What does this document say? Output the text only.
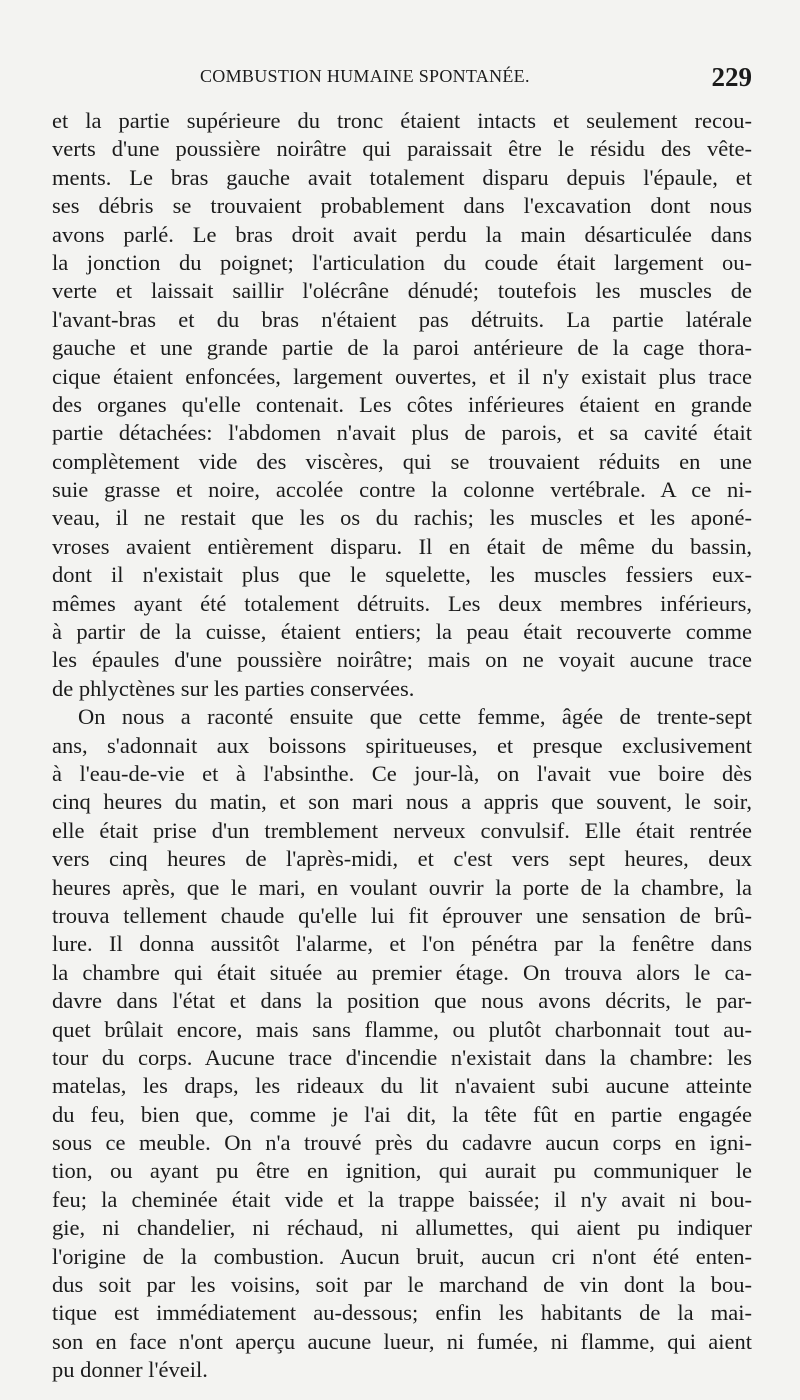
COMBUSTION HUMAINE SPONTANÉE.	229
et la partie supérieure du tronc étaient intacts et seulement recou-
verts d'une poussière noirâtre qui paraissait être le résidu des vête-
ments. Le bras gauche avait totalement disparu depuis l'épaule, et
ses débris se trouvaient probablement dans l'excavation dont nous
avons parlé. Le bras droit avait perdu la main désarticulée dans
la jonction du poignet; l'articulation du coude était largement ou-
verte et laissait saillir l'olécrâne dénudé; toutefois les muscles de
l'avant-bras et du bras n'étaient pas détruits. La partie latérale
gauche et une grande partie de la paroi antérieure de la cage thora-
cique étaient enfoncées, largement ouvertes, et il n'y existait plus trace
des organes qu'elle contenait. Les côtes inférieures étaient en grande
partie détachées: l'abdomen n'avait plus de parois, et sa cavité était
complètement vide des viscères, qui se trouvaient réduits en une
suie grasse et noire, accolée contre la colonne vertébrale. A ce ni-
veau, il ne restait que les os du rachis; les muscles et les aponé-
vroses avaient entièrement disparu. Il en était de même du bassin,
dont il n'existait plus que le squelette, les muscles fessiers eux-
mêmes ayant été totalement détruits. Les deux membres inférieurs,
à partir de la cuisse, étaient entiers; la peau était recouverte comme
les épaules d'une poussière noirâtre; mais on ne voyait aucune trace
de phlyctènes sur les parties conservées.
On nous a raconté ensuite que cette femme, âgée de trente-sept
ans, s'adonnait aux boissons spiritueuses, et presque exclusivement
à l'eau-de-vie et à l'absinthe. Ce jour-là, on l'avait vue boire dès
cinq heures du matin, et son mari nous a appris que souvent, le soir,
elle était prise d'un tremblement nerveux convulsif. Elle était rentrée
vers cinq heures de l'après-midi, et c'est vers sept heures, deux
heures après, que le mari, en voulant ouvrir la porte de la chambre, la
trouva tellement chaude qu'elle lui fit éprouver une sensation de brû-
lure. Il donna aussitôt l'alarme, et l'on pénétra par la fenêtre dans
la chambre qui était située au premier étage. On trouva alors le ca-
davre dans l'état et dans la position que nous avons décrits, le par-
quet brûlait encore, mais sans flamme, ou plutôt charbonnait tout au-
tour du corps. Aucune trace d'incendie n'existait dans la chambre: les
matelas, les draps, les rideaux du lit n'avaient subi aucune atteinte
du feu, bien que, comme je l'ai dit, la tête fût en partie engagée
sous ce meuble. On n'a trouvé près du cadavre aucun corps en igni-
tion, ou ayant pu être en ignition, qui aurait pu communiquer le
feu; la cheminée était vide et la trappe baissée; il n'y avait ni bou-
gie, ni chandelier, ni réchaud, ni allumettes, qui aient pu indiquer
l'origine de la combustion. Aucun bruit, aucun cri n'ont été enten-
dus soit par les voisins, soit par le marchand de vin dont la bou-
tique est immédiatement au-dessous; enfin les habitants de la mai-
son en face n'ont aperçu aucune lueur, ni fumée, ni flamme, qui aient
pu donner l'éveil.
